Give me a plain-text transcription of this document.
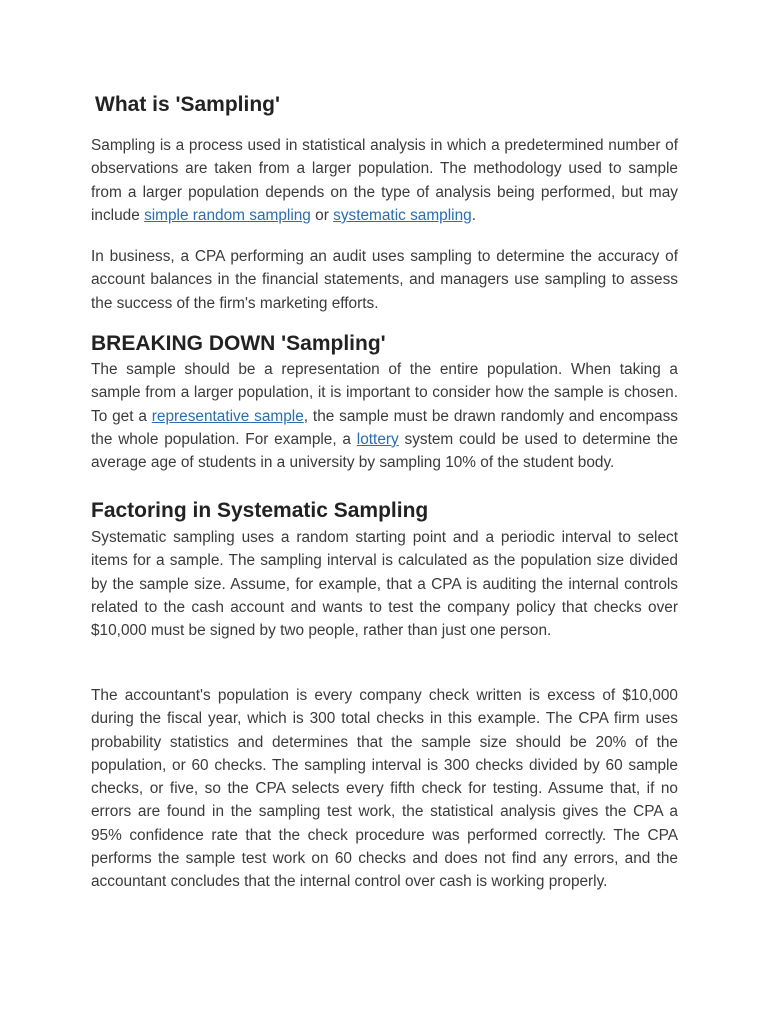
What is 'Sampling'

Sampling is a process used in statistical analysis in which a predetermined number of observations are taken from a larger population. The methodology used to sample from a larger population depends on the type of analysis being performed, but may include simple random sampling or systematic sampling.

In business, a CPA performing an audit uses sampling to determine the accuracy of account balances in the financial statements, and managers use sampling to assess the success of the firm's marketing efforts.

BREAKING DOWN 'Sampling'

The sample should be a representation of the entire population. When taking a sample from a larger population, it is important to consider how the sample is chosen. To get a representative sample, the sample must be drawn randomly and encompass the whole population. For example, a lottery system could be used to determine the average age of students in a university by sampling 10% of the student body.

Factoring in Systematic Sampling

Systematic sampling uses a random starting point and a periodic interval to select items for a sample. The sampling interval is calculated as the population size divided by the sample size. Assume, for example, that a CPA is auditing the internal controls related to the cash account and wants to test the company policy that checks over $10,000 must be signed by two people, rather than just one person.

The accountant's population is every company check written is excess of $10,000 during the fiscal year, which is 300 total checks in this example. The CPA firm uses probability statistics and determines that the sample size should be 20% of the population, or 60 checks. The sampling interval is 300 checks divided by 60 sample checks, or five, so the CPA selects every fifth check for testing. Assume that, if no errors are found in the sampling test work, the statistical analysis gives the CPA a 95% confidence rate that the check procedure was performed correctly. The CPA performs the sample test work on 60 checks and does not find any errors, and the accountant concludes that the internal control over cash is working properly.
